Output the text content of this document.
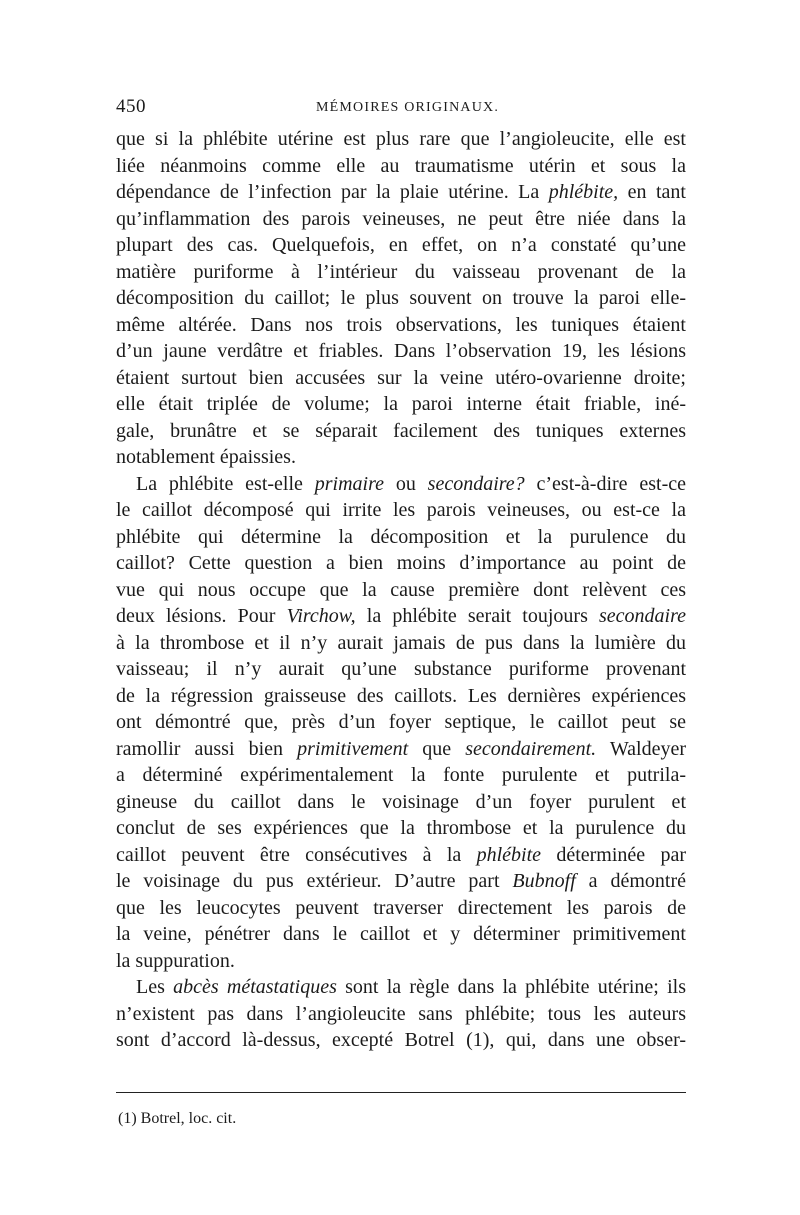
450	MÉMOIRES ORIGINAUX.

que si la phlébite utérine est plus rare que l’angioleucite, elle est
liée néanmoins comme elle au traumatisme utérin et sous la
dépendance de l’infection par la plaie utérine. La phlébite, en tant
qu’inflammation des parois veineuses, ne peut être niée dans la
plupart des cas. Quelquefois, en effet, on n’a constaté qu’une
matière puriforme à l’intérieur du vaisseau provenant de la
décomposition du caillot; le plus souvent on trouve la paroi elle-
même altérée. Dans nos trois observations, les tuniques étaient
d’un jaune verdâtre et friables. Dans l’observation 19, les lésions
étaient surtout bien accusées sur la veine utéro-ovarienne droite;
elle était triplée de volume; la paroi interne était friable, iné-
gale, brunâtre et se séparait facilement des tuniques externes
notablement épaissies.

La phlébite est-elle primaire ou secondaire? c’est-à-dire est-ce
le caillot décomposé qui irrite les parois veineuses, ou est-ce la
phlébite qui détermine la décomposition et la purulence du
caillot? Cette question a bien moins d’importance au point de
vue qui nous occupe que la cause première dont relèvent ces
deux lésions. Pour Virchow, la phlébite serait toujours secondaire
à la thrombose et il n’y aurait jamais de pus dans la lumière du
vaisseau; il n’y aurait qu’une substance puriforme provenant
de la régression graisseuse des caillots. Les dernières expériences
ont démontré que, près d’un foyer septique, le caillot peut se
ramollir aussi bien primitivement que secondairement. Waldeyer
a déterminé expérimentalement la fonte purulente et putrila-
gineuse du caillot dans le voisinage d’un foyer purulent et
conclut de ses expériences que la thrombose et la purulence du
caillot peuvent être consécutives à la phlébite déterminée par
le voisinage du pus extérieur. D’autre part Bubnoff a démontré
que les leucocytes peuvent traverser directement les parois de
la veine, pénétrer dans le caillot et y déterminer primitivement
la suppuration.

Les abcès métastatiques sont la règle dans la phlébite utérine; ils
n’existent pas dans l’angioleucite sans phlébite; tous les auteurs
sont d’accord là-dessus, excepté Botrel (1), qui, dans une obser-

(1) Botrel, loc. cit.
